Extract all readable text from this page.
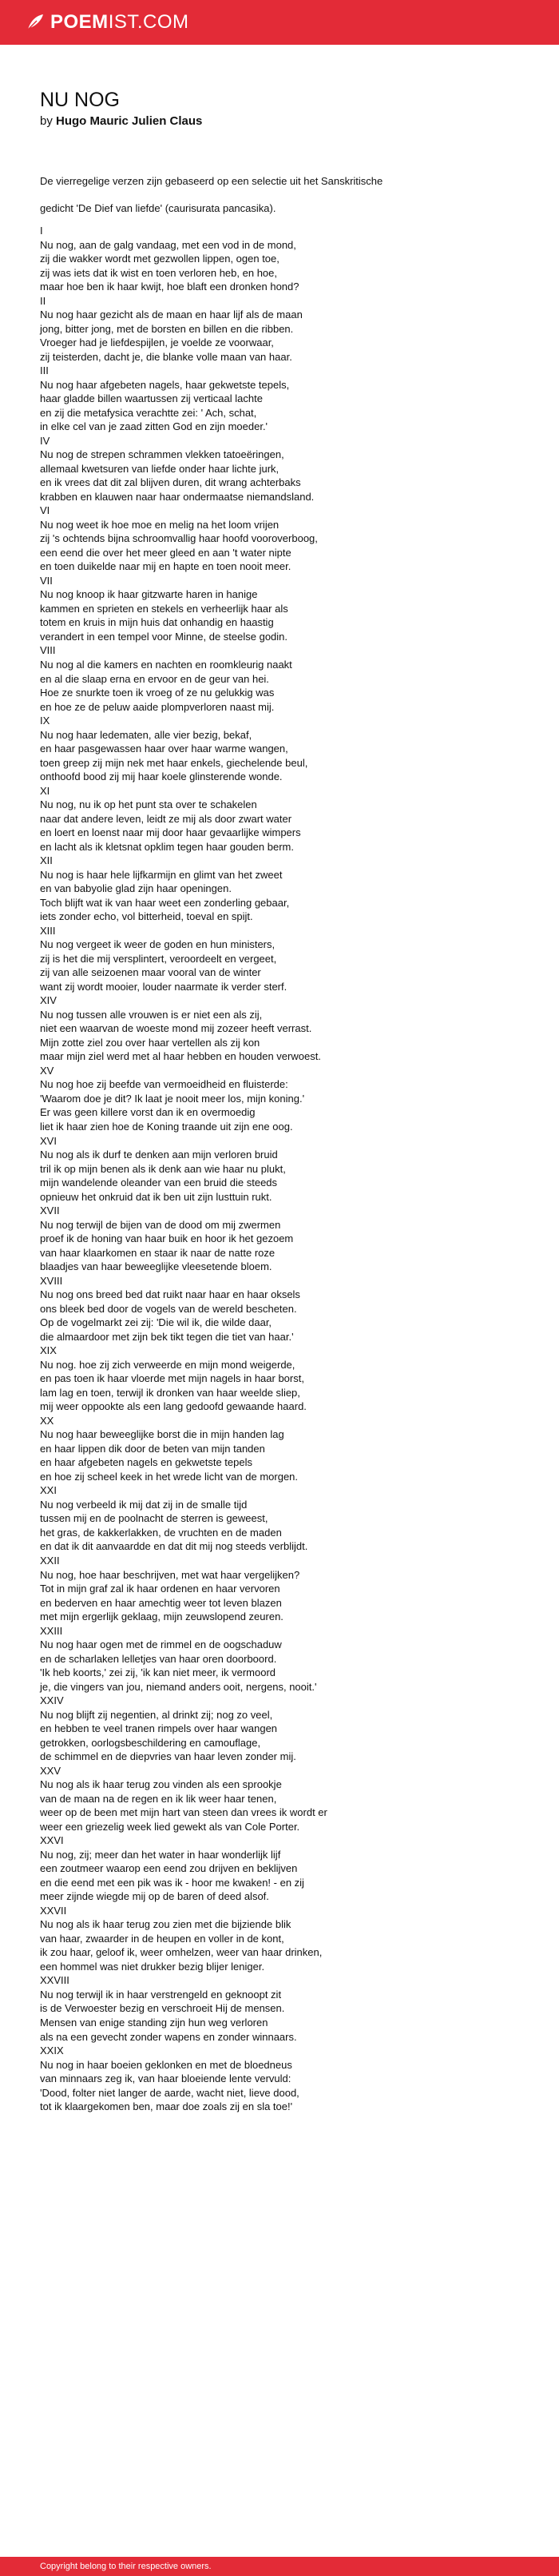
POEMIST.COM
NU NOG
by Hugo Mauric Julien Claus
De vierregelige verzen zijn gebaseerd op een selectie uit het Sanskritische
gedicht 'De Dief van liefde' (caurisurata pancasika).
I
Nu nog, aan de galg vandaag, met een vod in de mond,
zij die wakker wordt met gezwollen lippen, ogen toe,
zij was iets dat ik wist en toen verloren heb, en hoe,
maar hoe ben ik haar kwijt, hoe blaft een dronken hond?
II
Nu nog haar gezicht als de maan en haar lijf als de maan
jong, bitter jong, met de borsten en billen en die ribben.
Vroeger had je liefdespijlen, je voelde ze voorwaar,
zij teisterden, dacht je, die blanke volle maan van haar.
III
Nu nog haar afgebeten nagels, haar gekwetste tepels,
haar gladde billen waartussen zij verticaal lachte
en zij die metafysica verachtte zei: ' Ach, schat,
in elke cel van je zaad zitten God en zijn moeder.'
IV
Nu nog de strepen schrammen vlekken tatoeëringen,
allemaal kwetsuren van liefde onder haar lichte jurk,
en ik vrees dat dit zal blijven duren, dit wrang achterbaks
krabben en klauwen naar haar ondermaatse niemandsland.
VI
Nu nog weet ik hoe moe en melig na het loom vrijen
zij 's ochtends bijna schroomvallig haar hoofd vooroverboog,
een eend die over het meer gleed en aan 't water nipte
en toen duikelde naar mij en hapte en toen nooit meer.
VII
Nu nog knoop ik haar gitzwarte haren in hanige
kammen en sprieten en stekels en verheerlijk haar als
totem en kruis in mijn huis dat onhandig en haastig
verandert in een tempel voor Minne, de steelse godin.
VIII
Nu nog al die kamers en nachten en roomkleurig naakt
en al die slaap erna en ervoor en de geur van hei.
Hoe ze snurkte toen ik vroeg of ze nu gelukkig was
en hoe ze de peluw aaide plompverloren naast mij.
IX
Nu nog haar ledematen, alle vier bezig, bekaf,
en haar pasgewassen haar over haar warme wangen,
toen greep zij mijn nek met haar enkels, giechelende beul,
onthoofd bood zij mij haar koele glinsterende wonde.
XI
Nu nog, nu ik op het punt sta over te schakelen
naar dat andere leven, leidt ze mij als door zwart water
en loert en loenst naar mij door haar gevaarlijke wimpers
en lacht als ik kletsnat opklim tegen haar gouden berm.
XII
Nu nog is haar hele lijfkarmijn en glimt van het zweet
en van babyolie glad zijn haar openingen.
Toch blijft wat ik van haar weet een zonderling gebaar,
iets zonder echo, vol bitterheid, toeval en spijt.
XIII
Nu nog vergeet ik weer de goden en hun ministers,
zij is het die mij versplintert, veroordeelt en vergeet,
zij van alle seizoenen maar vooral van de winter
want zij wordt mooier, louder naarmate ik verder sterf.
XIV
Nu nog tussen alle vrouwen is er niet een als zij,
niet een waarvan de woeste mond mij zozeer heeft verrast.
Mijn zotte ziel zou over haar vertellen als zij kon
maar mijn ziel werd met al haar hebben en houden verwoest.
XV
Nu nog hoe zij beefde van vermoeidheid en fluisterde:
'Waarom doe je dit? Ik laat je nooit meer los, mijn koning.'
Er was geen killere vorst dan ik en overmoedig
liet ik haar zien hoe de Koning traande uit zijn ene oog.
XVI
Nu nog als ik durf te denken aan mijn verloren bruid
tril ik op mijn benen als ik denk aan wie haar nu plukt,
mijn wandelende oleander van een bruid die steeds
opnieuw het onkruid dat ik ben uit zijn lusttuin rukt.
XVII
Nu nog terwijl de bijen van de dood om mij zwermen
proef ik de honing van haar buik en hoor ik het gezoem
van haar klaarkomen en staar ik naar de natte roze
blaadjes van haar beweeglijke vleesetende bloem.
XVIII
Nu nog ons breed bed dat ruikt naar haar en haar oksels
ons bleek bed door de vogels van de wereld bescheten.
Op de vogelmarkt zei zij: 'Die wil ik, die wilde daar,
die almaardoor met zijn bek tikt tegen die tiet van haar.'
XIX
Nu nog. hoe zij zich verweerde en mijn mond weigerde,
en pas toen ik haar vloerde met mijn nagels in haar borst,
lam lag en toen, terwijl ik dronken van haar weelde sliep,
mij weer oppookte als een lang gedoofd gewaande haard.
XX
Nu nog haar beweeglijke borst die in mijn handen lag
en haar lippen dik door de beten van mijn tanden
en haar afgebeten nagels en gekwetste tepels
en hoe zij scheel keek in het wrede licht van de morgen.
XXI
Nu nog verbeeld ik mij dat zij in de smalle tijd
tussen mij en de poolnacht de sterren is geweest,
het gras, de kakkerlakken, de vruchten en de maden
en dat ik dit aanvaardde en dat dit mij nog steeds verblijdt.
XXII
Nu nog, hoe haar beschrijven, met wat haar vergelijken?
Tot in mijn graf zal ik haar ordenen en haar vervoren
en bederven en haar amechtig weer tot leven blazen
met mijn ergerlijk geklaag, mijn zeuwslopend zeuren.
XXIII
Nu nog haar ogen met de rimmel en de oogschaduw
en de scharlaken lelletjes van haar oren doorboord.
'Ik heb koorts,' zei zij, 'ik kan niet meer, ik vermoord
je, die vingers van jou, niemand anders ooit, nergens, nooit.'
XXIV
Nu nog blijft zij negentien, al drinkt zij; nog zo veel,
en hebben te veel tranen rimpels over haar wangen
getrokken, oorlogsbeschildering en camouflage,
de schimmel en de diepvries van haar leven zonder mij.
XXV
Nu nog als ik haar terug zou vinden als een sprookje
van de maan na de regen en ik lik weer haar tenen,
weer op de been met mijn hart van steen dan vrees ik wordt er
weer een griezelig week lied gewekt als van Cole Porter.
XXVI
Nu nog, zij; meer dan het water in haar wonderlijk lijf
een zoutmeer waarop een eend zou drijven en beklijven
en die eend met een pik was ik - hoor me kwaken! - en zij
meer zijnde wiegde mij op de baren of deed alsof.
XXVII
Nu nog als ik haar terug zou zien met die bijziende blik
van haar, zwaarder in de heupen en voller in de kont,
ik zou haar, geloof ik, weer omhelzen, weer van haar drinken,
een hommel was niet drukker bezig blijer leniger.
XXVIII
Nu nog terwijl ik in haar verstrengeld en geknoopt zit
is de Verwoester bezig en verschroeit Hij de mensen.
Mensen van enige standing zijn hun weg verloren
als na een gevecht zonder wapens en zonder winnaars.
XXIX
Nu nog in haar boeien geklonken en met de bloedneus
van minnaars zeg ik, van haar bloeiende lente vervuld:
'Dood, folter niet langer de aarde, wacht niet, lieve dood,
tot ik klaargekomen ben, maar doe zoals zij en sla toe!'
Copyright belong to their respective owners.
